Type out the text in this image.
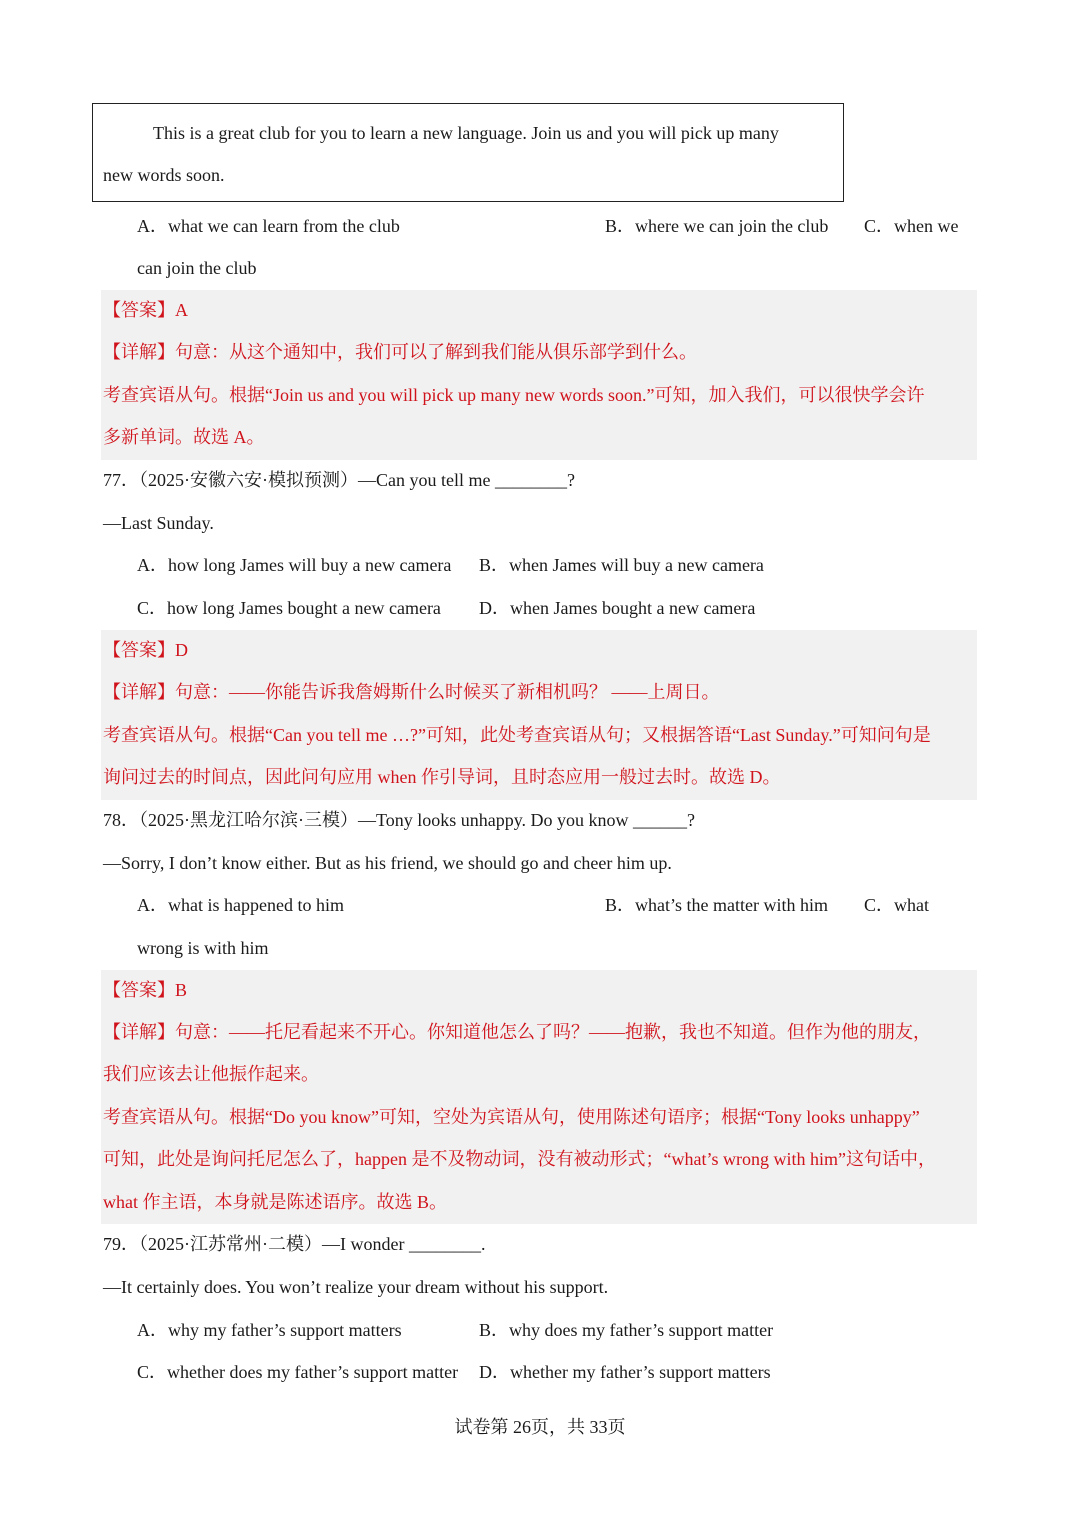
This is a great club for you to learn a new language. Join us and you will pick up many
new words soon.
A．what we can learn from the club	B．where we can join the club C．when we
can join the club
【答案】A
【详解】句意：从这个通知中，我们可以了解到我们能从俱乐部学到什么。
考查宾语从句。根据“Join us and you will pick up many new words soon.”可知，加入我们，可以很快学会许
多新单词。故选 A。
77．（2025·安徽六安·模拟预测）—Can you tell me ________?
—Last Sunday.
A．how long James will buy a new camera B．when James will buy a new camera
C．how long James bought a new camera D．when James bought a new camera
【答案】D
【详解】句意：——你能告诉我詹姆斯什么时候买了新相机吗？ ——上周日。
考查宾语从句。根据“Can you tell me …?”可知，此处考查宾语从句；又根据答语“Last Sunday.”可知问句是
询问过去的时间点，因此问句应用 when 作引导词，且时态应用一般过去时。故选 D。
78．（2025·黑龙江哈尔滨·三模）—Tony looks unhappy. Do you know ______?
—Sorry, I don’t know either. But as his friend, we should go and cheer him up.
A．what is happened to him	B．what’s the matter with him C．what
wrong is with him
【答案】B
【详解】句意：——托尼看起来不开心。你知道他怎么了吗？——抱歉，我也不知道。但作为他的朋友，
我们应该去让他振作起来。
考查宾语从句。根据“Do you know”可知，空处为宾语从句，使用陈述句语序；根据“Tony looks unhappy”
可知，此处是询问托尼怎么了，happen 是不及物动词，没有被动形式；“what’s wrong with him”这句话中，
what 作主语，本身就是陈述语序。故选 B。
79．（2025·江苏常州·二模）—I wonder ________.
—It certainly does. You won’t realize your dream without his support.
A．why my father’s support matters	B．why does my father’s support matter
C．whether does my father’s support matter D．whether my father’s support matters
试卷第 26页，共 33页
